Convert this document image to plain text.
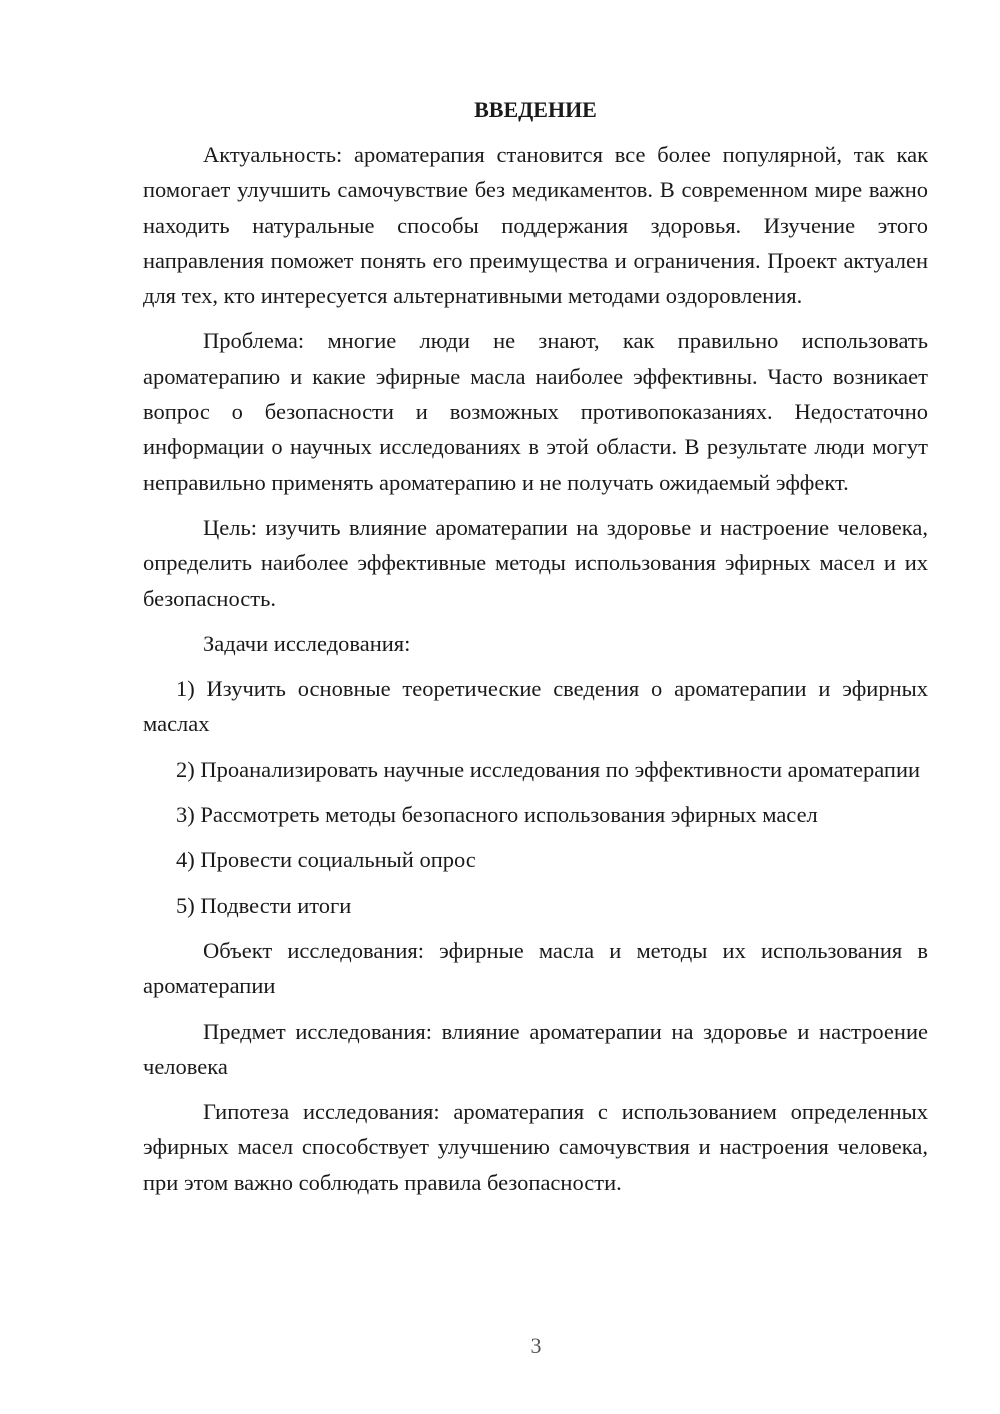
ВВЕДЕНИЕ

Актуальность: ароматерапия становится все более популярной, так как помогает улучшить самочувствие без медикаментов. В современном мире важно находить натуральные способы поддержания здоровья. Изучение этого направления поможет понять его преимущества и ограничения. Проект актуален для тех, кто интересуется альтернативными методами оздоровления.

Проблема: многие люди не знают, как правильно использовать ароматерапию и какие эфирные масла наиболее эффективны. Часто возникает вопрос о безопасности и возможных противопоказаниях. Недостаточно информации о научных исследованиях в этой области. В результате люди могут неправильно применять ароматерапию и не получать ожидаемый эффект.

Цель: изучить влияние ароматерапии на здоровье и настроение человека, определить наиболее эффективные методы использования эфирных масел и их безопасность.

Задачи исследования:

1) Изучить основные теоретические сведения о ароматерапии и эфирных маслах

2) Проанализировать научные исследования по эффективности ароматерапии

3) Рассмотреть методы безопасного использования эфирных масел

4) Провести социальный опрос

5) Подвести итоги

Объект исследования: эфирные масла и методы их использования в ароматерапии

Предмет исследования: влияние ароматерапии на здоровье и настроение человека

Гипотеза исследования: ароматерапия с использованием определенных эфирных масел способствует улучшению самочувствия и настроения человека, при этом важно соблюдать правила безопасности.

3
